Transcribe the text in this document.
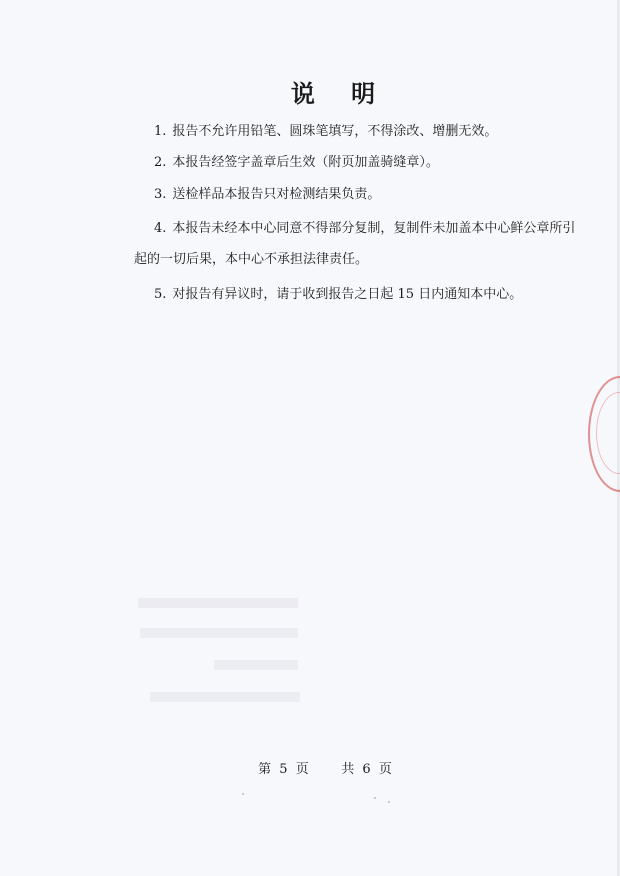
说 明
1. 报告不允许用铅笔、圆珠笔填写，不得涂改、增删无效。
2. 本报告经签字盖章后生效（附页加盖骑缝章）。
3. 送检样品本报告只对检测结果负责。
4. 本报告未经本中心同意不得部分复制，复制件未加盖本中心鲜公章所引
起的一切后果，本中心不承担法律责任。
5. 对报告有异议时，请于收到报告之日起 15 日内通知本中心。
第 5 页	共 6 页
